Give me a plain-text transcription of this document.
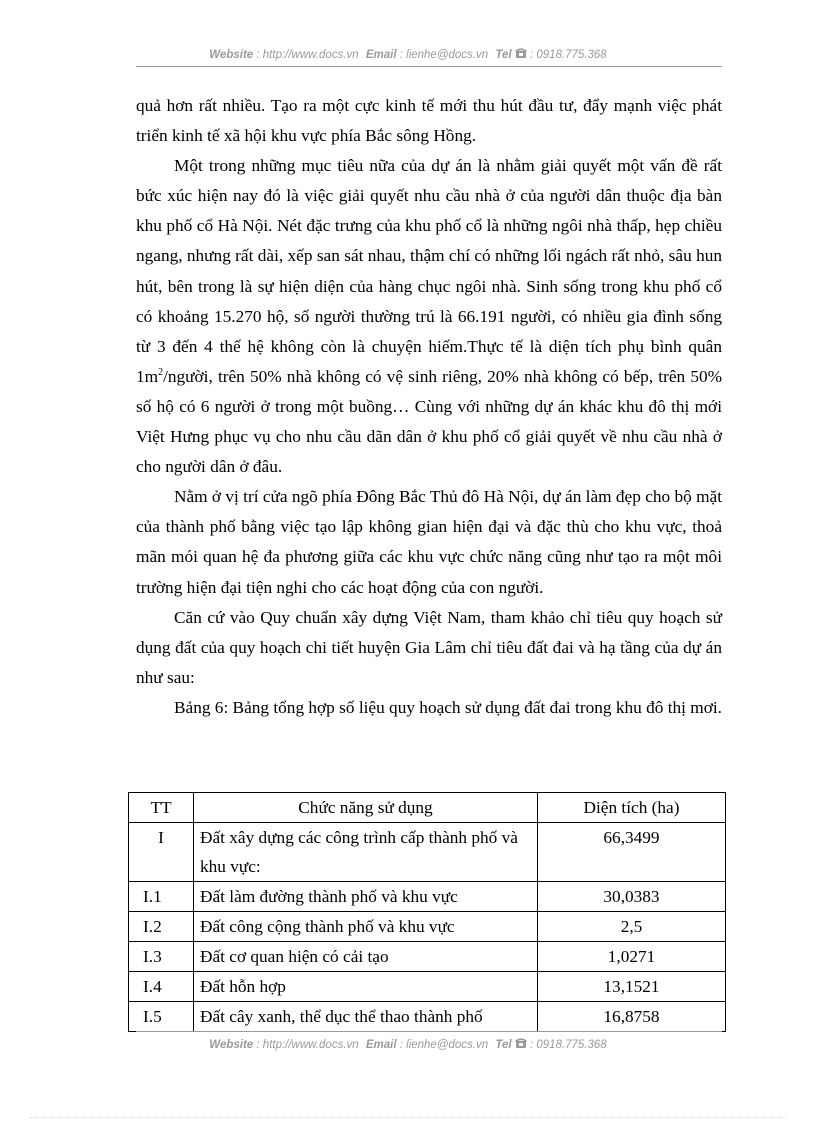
Website : http://www.docs.vn Email : lienhe@docs.vn Tel : 0918.775.368

quả hơn rất nhiều. Tạo ra một cực kinh tế mới thu hút đầu tư, đẩy mạnh việc phát triển kinh tế xã hội khu vực phía Bắc sông Hồng.

Một trong những mục tiêu nữa của dự án là nhằm giải quyết một vấn đề rất bức xúc hiện nay đó là việc giải quyết nhu cầu nhà ở của người dân thuộc địa bàn khu phố cổ Hà Nội. Nét đặc trưng của khu phố cổ là những ngôi nhà thấp, hẹp chiều ngang, nhưng rất dài, xếp san sát nhau, thậm chí có những lối ngách rất nhỏ, sâu hun hút, bên trong là sự hiện diện của hàng chục ngôi nhà. Sinh sống trong khu phố cổ có khoảng 15.270 hộ, số người thường trú là 66.191 người, có nhiều gia đình sống từ 3 đến 4 thế hệ không còn là chuyện hiếm.Thực tế là diện tích phụ bình quân $1m^2$/người, trên 50% nhà không có vệ sinh riêng, 20% nhà không có bếp, trên 50% số hộ có 6 người ở trong một buồng… Cùng với những dự án khác khu đô thị mới Việt Hưng phục vụ cho nhu cầu dãn dân ở khu phố cổ giải quyết về nhu cầu nhà ở cho người dân ở đâu.

Nằm ở vị trí cửa ngõ phía Đông Bắc Thủ đô Hà Nội, dự án làm đẹp cho bộ mặt của thành phố bằng việc tạo lập không gian hiện đại và đặc thù cho khu vực, thoả mãn mói quan hệ đa phương giữa các khu vực chức năng cũng như tạo ra một môi trường hiện đại tiện nghi cho các hoạt động của con người.

Căn cứ vào Quy chuẩn xây dựng Việt Nam, tham khảo chỉ tiêu quy hoạch sử dụng đất của quy hoạch chi tiết huyện Gia Lâm chỉ tiêu đất đai và hạ tầng của dự án như sau:

Bảng 6: Bảng tổng hợp số liệu quy hoạch sử dụng đất đai trong khu đô thị mơi.

TT	Chức năng sử dụng	Diện tích (ha)
I	Đất xây dựng các công trình cấp thành phố và khu vực:	66,3499
I.1	Đất làm đường thành phố và khu vực	30,0383
I.2	Đất công cộng thành phố và khu vực	2,5
I.3	Đất cơ quan hiện có cải tạo	1,0271
I.4	Đất hỗn hợp	13,1521
I.5	Đất cây xanh, thể dục thể thao thành phố	16,8758
Website : http://www.docs.vn Email : lienhe@docs.vn Tel : 0918.775.368
